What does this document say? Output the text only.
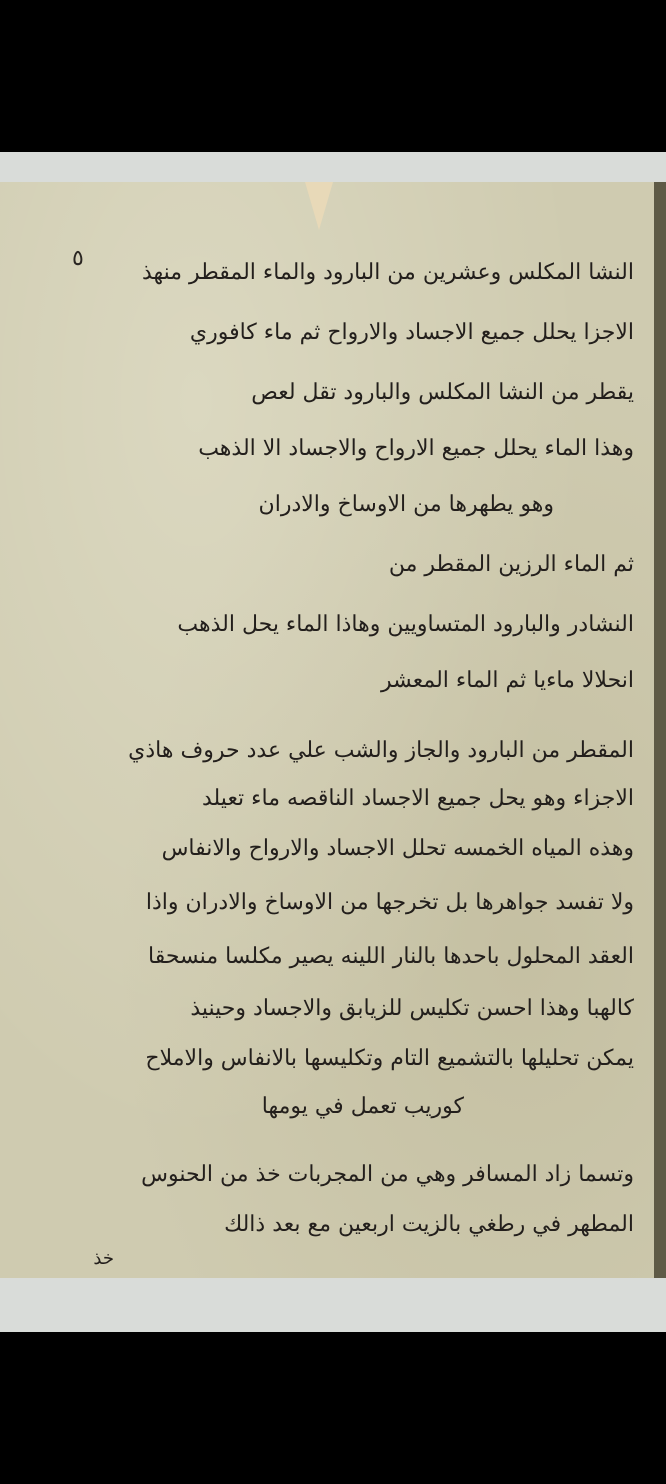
٥
النشا المكلس وعشرين من البارود والماء المقطر منهذ
الاجزا يحلل جميع الاجساد والارواح ثم ماء كافوري
يقطر من النشا المكلس والبارود تقل لعص
وهذا الماء يحلل جميع الارواح والاجساد الا الذهب
وهو يطهرها من الاوساخ والادران
ثم الماء الرزين المقطر من
النشادر والبارود المتساويين وهاذا الماء يحل الذهب
انحلالا ماءيا ثم الماء المعشر
المقطر من البارود والجاز والشب علي عدد حروف هاذي
الاجزاء وهو يحل جميع الاجساد الناقصه ماء تعيلد
وهذه المياه الخمسه تحلل الاجساد والارواح والانفاس
ولا تفسد جواهرها بل تخرجها من الاوساخ والادران واذا
العقد المحلول باحدها بالنار اللينه يصير مكلسا منسحقا
كالهبا وهذا احسن تكليس للزيابق والاجساد وحينيذ
يمكن تحليلها بالتشميع التام وتكليسها بالانفاس والاملاح
كوريب تعمل في يومها
وتسما زاد المسافر وهي من المجربات خذ من الحنوس
المطهر في رطغي بالزيت اربعين مع بعد ذالك
خذ
